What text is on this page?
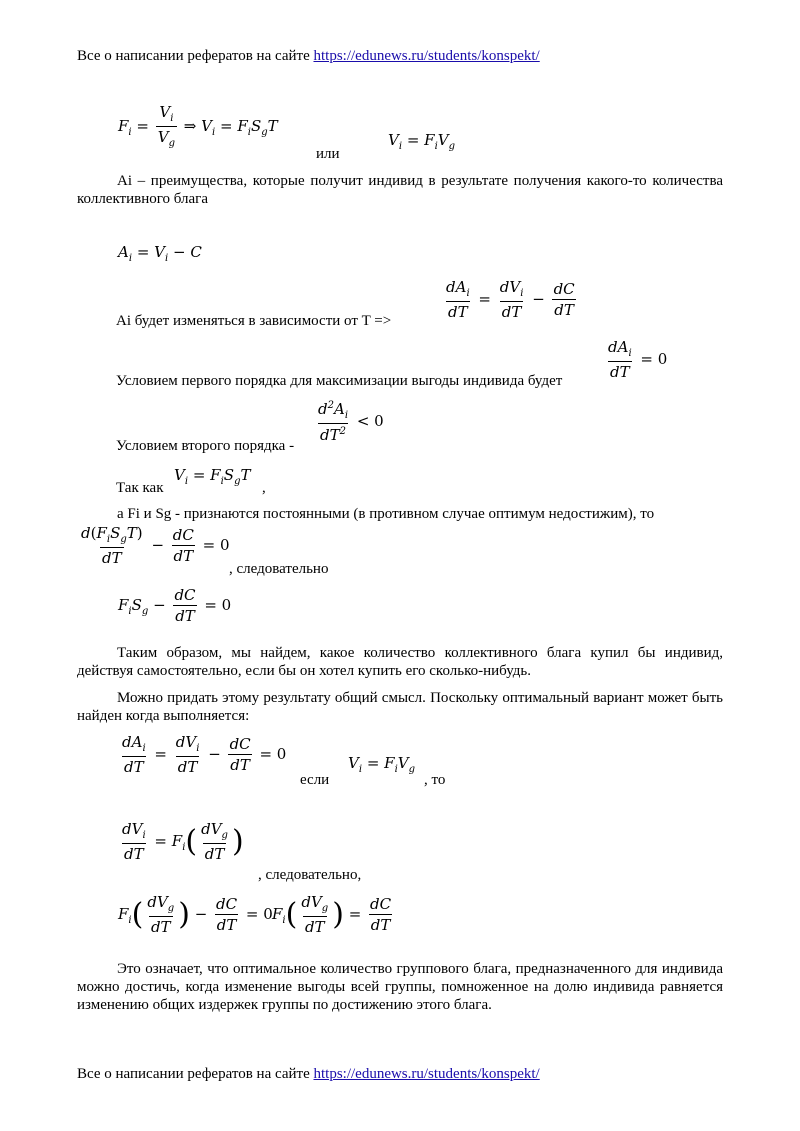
Все о написании рефератов на сайте https://edunews.ru/students/konspekt/
$F_i = \frac{V_i}{V_g}$ ⇒ $V_i = F_iS_gT$
или
$V_i = F_iV_g$
Ai – преимущества, которые получит индивид в результате получения какого-то количества коллективного блага
$A_i = V_i - C$
$\frac{dA_i}{dT} = \frac{dV_i}{dT} - \frac{dC}{dT}$
Ai будет изменяться в зависимости от T =>
$\frac{dA_i}{dT} = 0$
Условием первого порядка для максимизации выгоды индивида будет
$\frac{d^2A_i}{dT^2} < 0$
Условием второго порядка -
Так как
$V_i = F_iS_gT$
,
а Fi и Sg - признаются постоянными (в противном случае оптимум недостижим), то
$\frac{d(F_iS_gT)}{dT} - \frac{dC}{dT} = 0$
, следовательно
$F_iS_g - \frac{dC}{dT} = 0$
Таким образом, мы найдем, какое количество коллективного блага купил бы индивид, действуя самостоятельно, если бы он хотел купить его сколько-нибудь.
Можно придать этому результату общий смысл. Поскольку оптимальный вариант может быть найден когда выполняется:
$\frac{dA_i}{dT} = \frac{dV_i}{dT} - \frac{dC}{dT} = 0$
если
$V_i = F_iV_g$
, то
$\frac{dV_i}{dT} = F_i( \frac{dV_g}{dT}$ )
, следовательно,
$F_i( \frac{dV_g}{dT}$ ) − $\frac{dC}{dT} = 0$ $F_i( \frac{dV_g}{dT}$ ) = $\frac{dC}{dT}$
Это означает, что оптимальное количество группового блага, предназначенного для индивида можно достичь, когда изменение выгоды всей группы, помноженное на долю индивида равняется изменению общих издержек группы по достижению этого блага.
Все о написании рефератов на сайте https://edunews.ru/students/konspekt/
